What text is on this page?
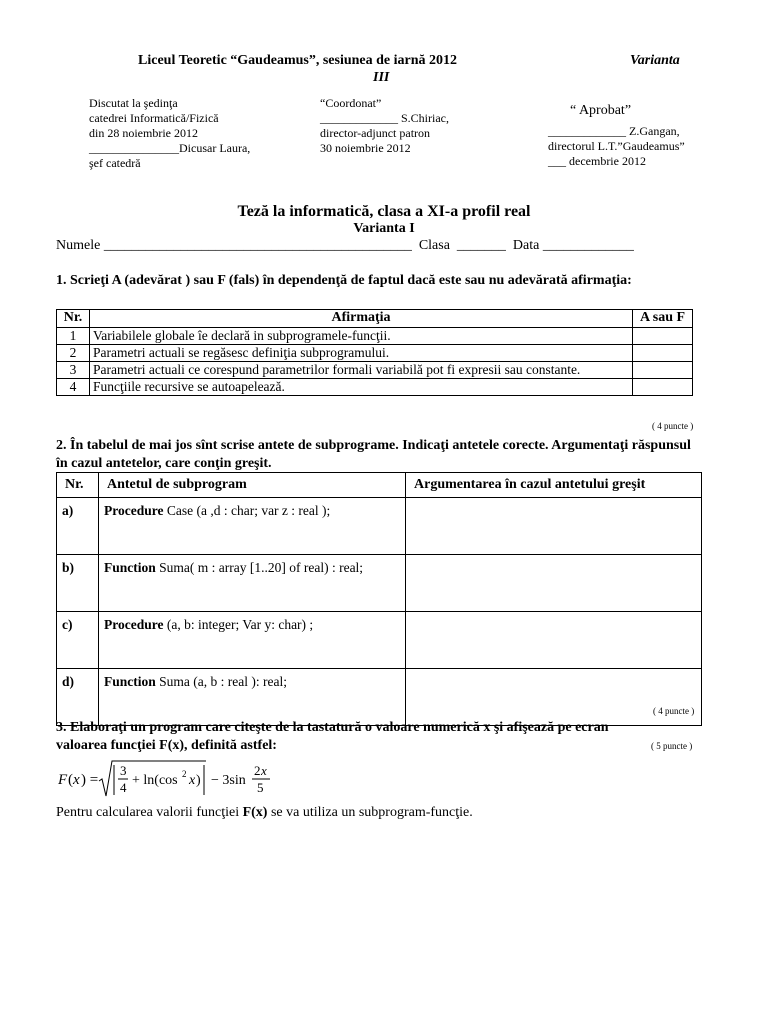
Liceul Teoretic “Gaudeamus”, sesiunea de iarnă 2012	Varianta
III
Discutat la şedinţa
catedrei Informatică/Fizică
din 28 noiembrie 2012
_______________Dicusar Laura,
şef catedră
“Coordonat”
_____________ S.Chiriac,
director-adjunct patron
30 noiembrie 2012
“ Aprobat”
_____________ Z.Gangan,
directorul L.T.”Gaudeamus”
___ decembrie 2012
Teză la informatică, clasa a XI-a profil real
Varianta I
Numele ____________________________________________  Clasa  _______  Data _____________
1. Scrieţi A (adevărat ) sau F (fals) în dependenţă de faptul dacă este sau nu adevărată afirmaţia:
Nr.	Afirmaţia	A sau F
1	Variabilele globale îe declară in subprogramele-funcţii.	
2	Parametri actuali se regăsesc definiţia subprogramului.	
3	Parametri actuali ce corespund parametrilor formali variabilă pot fi expresii sau constante.	
4	Funcţiile recursive se autoapelează.	
( 4 puncte )
2. În tabelul de mai jos sînt scrise antete de subprograme. Indicaţi antetele corecte. Argumentaţi răspunsul în cazul antetelor, care conţin greşit.
Nr.	Antetul de subprogram	Argumentarea în cazul antetului greşit
a)	Procedure Case (a ,d : char; var z : real );	
b)	Function Suma( m : array [1..20] of real) : real;	
c)	Procedure (a, b: integer; Var y: char) ;	
d)	Function Suma (a, b : real ): real;	
( 4 puncte )
3. Elaboraţi un program care citeşte de la tastatură o valoare numerică x şi afişează pe ecran valoarea funcţiei F(x), definită astfel:	( 5 puncte )
F ( x ) =
3
4 + ln(cos 2 x ) − 3sin
2 x
5
Pentru calcularea valorii funcţiei F(x) se va utiliza un subprogram-funcţie.
